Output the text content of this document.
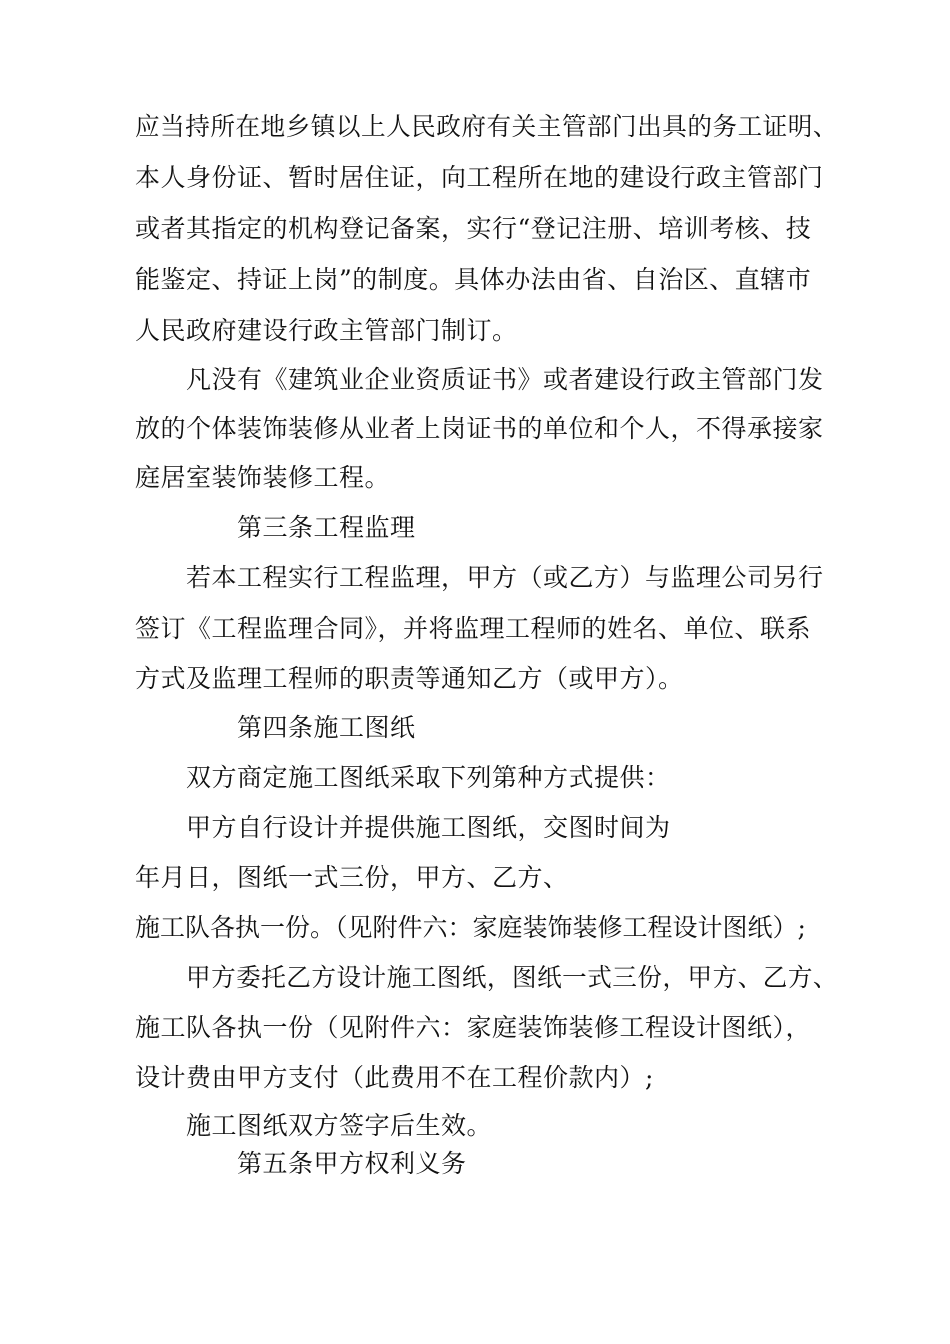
应当持所在地乡镇以上人民政府有关主管部门出具的务工证明、
本人身份证、暂时居住证，向工程所在地的建设行政主管部门
或者其指定的机构登记备案，实行“登记注册、培训考核、技
能鉴定、持证上岗”的制度。具体办法由省、自治区、直辖市
人民政府建设行政主管部门制订。
凡没有《建筑业企业资质证书》或者建设行政主管部门发
放的个体装饰装修从业者上岗证书的单位和个人，不得承接家
庭居室装饰装修工程。
第三条工程监理
若本工程实行工程监理，甲方（或乙方）与监理公司另行
签订《工程监理合同》，并将监理工程师的姓名、单位、联系
方式及监理工程师的职责等通知乙方（或甲方）。
第四条施工图纸
双方商定施工图纸采取下列第种方式提供：
甲方自行设计并提供施工图纸，交图时间为
年月日，图纸一式三份，甲方、乙方、
施工队各执一份。（见附件六：家庭装饰装修工程设计图纸）;
甲方委托乙方设计施工图纸，图纸一式三份，甲方、乙方、
施工队各执一份（见附件六：家庭装饰装修工程设计图纸），
设计费由甲方支付（此费用不在工程价款内）;
施工图纸双方签字后生效。
第五条甲方权利义务
